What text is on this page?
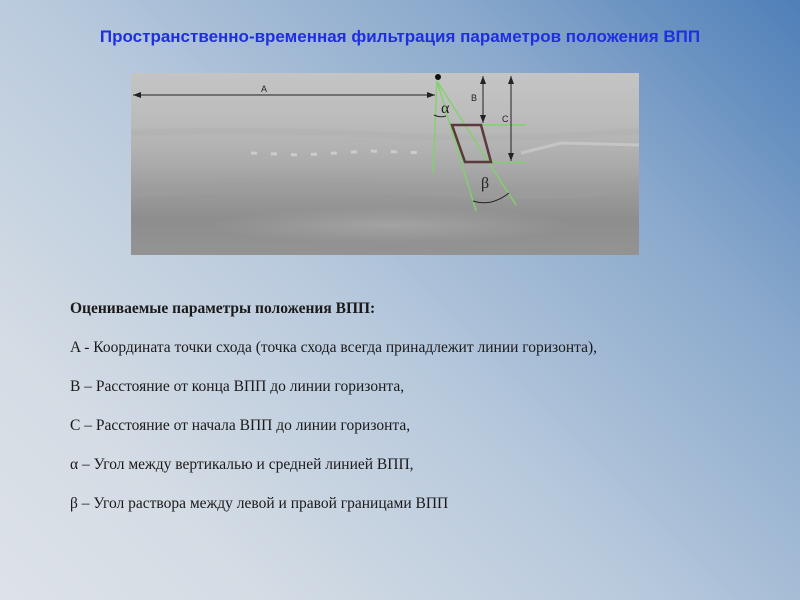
Пространственно-временная фильтрация параметров положения ВПП
A
B
C
α
β
Оцениваемые параметры положения ВПП:
A - Координата точки схода (точка схода всегда принадлежит линии горизонта),
B – Расстояние от конца ВПП до линии горизонта,
C – Расстояние от начала ВПП до линии горизонта,
α – Угол между вертикалью и средней линией ВПП,
β – Угол раствора между левой и правой границами ВПП
